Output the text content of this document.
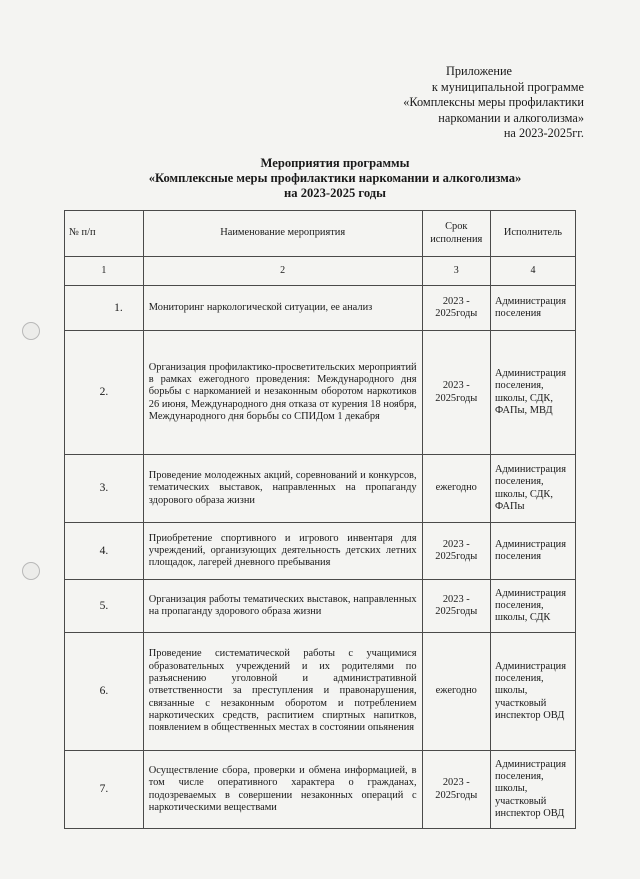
Приложение
к муниципальной программе
«Комплексны меры профилактики
наркомании и алкоголизма»
на 2023-2025гг.
Мероприятия программы
«Комплексные меры профилактики наркомании и алкоголизма»
на 2023-2025 годы
№ п/п	Наименование мероприятия	Срок исполнения	Исполнитель
1	2	3	4
1.	Мониторинг наркологической ситуации, ее анализ	2023 - 2025годы	Администрация поселения
2.	Организация профилактико-просветительских мероприятий в рамках ежегодного проведения: Международного дня борьбы с наркоманией и незаконным оборотом наркотиков 26 июня, Международного дня отказа от курения 18 ноября, Международного дня борьбы со СПИДом 1 декабря	2023 - 2025годы	Администрация поселения, школы, СДК, ФАПы, МВД
3.	Проведение молодежных акций, соревнований и конкурсов, тематических выставок, направленных на пропаганду здорового образа жизни	ежегодно	Администрация поселения, школы, СДК, ФАПы
4.	Приобретение спортивного и игрового инвентаря для учреждений, организующих деятельность детских летних площадок, лагерей дневного пребывания	2023 - 2025годы	Администрация поселения
5.	Организация работы тематических выставок, направленных на пропаганду здорового образа жизни	2023 - 2025годы	Администрация поселения, школы, СДК
6.	Проведение систематической работы с учащимися образовательных учреждений и их родителями по разъяснению уголовной и административной ответственности за преступления и правонарушения, связанные с незаконным оборотом и потреблением наркотических средств, распитием спиртных напитков, появлением в общественных местах в состоянии опьянения	ежегодно	Администрация поселения, школы, участковый инспектор ОВД
7.	Осуществление сбора, проверки и обмена информацией, в том числе оперативного характера о гражданах, подозреваемых в совершении незаконных операций с наркотическими веществами	2023 - 2025годы	Администрация поселения, школы, участковый инспектор ОВД
